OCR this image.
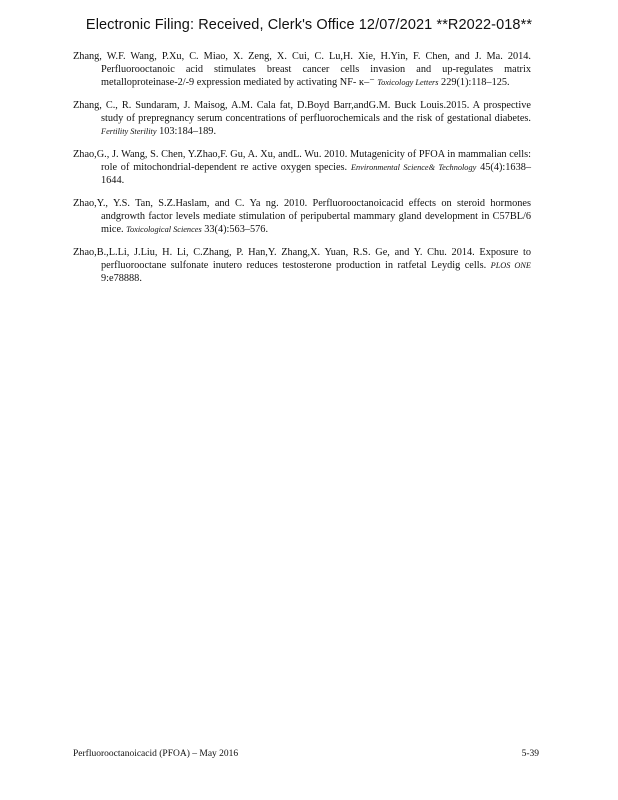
Electronic Filing: Received, Clerk's Office 12/07/2021 **R2022-018**

Zhang, W.F. Wang, P.Xu, C. Miao, X. Zeng, X. Cui, C. Lu,H. Xie, H.Yin, F. Chen, and J. Ma. 2014. Perfluorooctanoic acid stimulates breast cancer cells invasion and up-regulates matrix metalloproteinase-2/-9 expression mediated by activating NF- ĸ–⁻ Toxicology Letters 229(1):118–125.

Zhang, C., R. Sundaram, J. Maisog, A.M. Cala fat, D.Boyd Barr,andG.M. Buck Louis.2015. A prospective study of prepregnancy serum concentrations of perfluorochemicals and the risk of gestational diabetes. Fertility Sterility 103:184–189.

Zhao,G., J. Wang, S. Chen, Y.Zhao,F. Gu, A. Xu, andL. Wu. 2010. Mutagenicity of PFOA in mammalian cells: role of mitochondrial-dependent re active oxygen species. Environmental Science& Technology 45(4):1638–1644.

Zhao,Y., Y.S. Tan, S.Z.Haslam, and C. Ya ng. 2010. Perfluorooctanoicacid effects on steroid hormones andgrowth factor levels mediate stimulation of peripubertal mammary gland development in C57BL/6 mice. Toxicological Sciences 33(4):563–576.

Zhao,B.,L.Li, J.Liu, H. Li, C.Zhang, P. Han,Y. Zhang,X. Yuan, R.S. Ge, and Y. Chu. 2014. Exposure to perfluorooctane sulfonate inutero reduces testosterone production in ratfetal Leydig cells. PLOS ONE 9:e78888.

Perfluorooctanoicacid (PFOA) – May 2016	5-39
